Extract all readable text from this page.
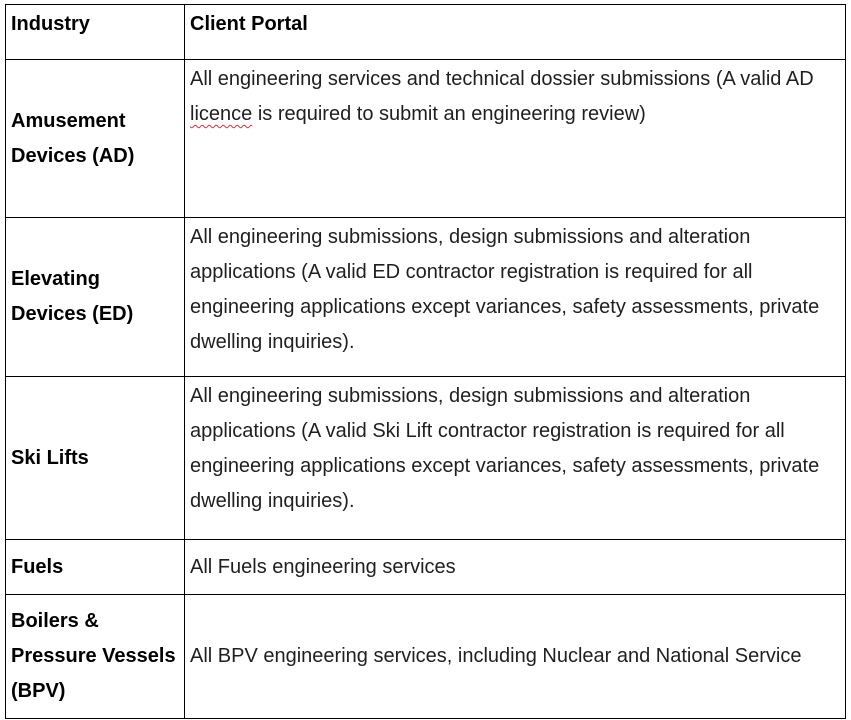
Industry	Client Portal
Amusement Devices (AD)	All engineering services and technical dossier submissions (A valid AD licence is required to submit an engineering review)
Elevating Devices (ED)	All engineering submissions, design submissions and alteration applications (A valid ED contractor registration is required for all engineering applications except variances, safety assessments, private dwelling inquiries).
Ski Lifts	All engineering submissions, design submissions and alteration applications (A valid Ski Lift contractor registration is required for all engineering applications except variances, safety assessments, private dwelling inquiries).
Fuels	All Fuels engineering services
Boilers & Pressure Vessels (BPV)	All BPV engineering services, including Nuclear and National Service
